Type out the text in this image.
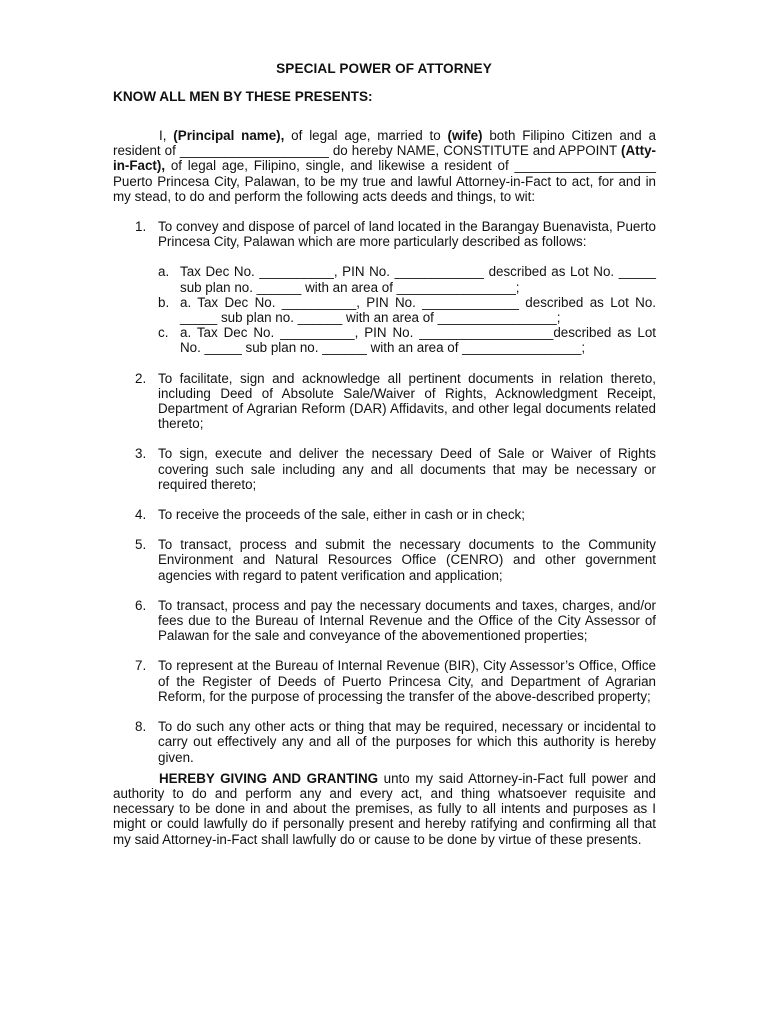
SPECIAL POWER OF ATTORNEY
KNOW ALL MEN BY THESE PRESENTS:

I, (Principal name), of legal age, married to (wife) both Filipino Citizen and a resident of ____________________ do hereby NAME, CONSTITUTE and APPOINT (Atty-in-Fact), of legal age, Filipino, single, and likewise a resident of ___________________ Puerto Princesa City, Palawan, to be my true and lawful Attorney-in-Fact to act, for and in my stead, to do and perform the following acts deeds and things, to wit:

1. To convey and dispose of parcel of land located in the Barangay Buenavista, Puerto Princesa City, Palawan which are more particularly described as follows:
a. Tax Dec No. __________, PIN No. ____________ described as Lot No. _____ sub plan no. ______ with an area of ________________;
b. a. Tax Dec No. __________, PIN No. _____________ described as Lot No. _____ sub plan no. ______ with an area of ________________;
c. a. Tax Dec No. __________, PIN No. __________________described as Lot No. _____ sub plan no. ______ with an area of ________________;
2. To facilitate, sign and acknowledge all pertinent documents in relation thereto, including Deed of Absolute Sale/Waiver of Rights, Acknowledgment Receipt, Department of Agrarian Reform (DAR) Affidavits, and other legal documents related thereto;
3. To sign, execute and deliver the necessary Deed of Sale or Waiver of Rights covering such sale including any and all documents that may be necessary or required thereto;
4. To receive the proceeds of the sale, either in cash or in check;
5. To transact, process and submit the necessary documents to the Community Environment and Natural Resources Office (CENRO) and other government agencies with regard to patent verification and application;
6. To transact, process and pay the necessary documents and taxes, charges, and/or fees due to the Bureau of Internal Revenue and the Office of the City Assessor of Palawan for the sale and conveyance of the abovementioned properties;
7. To represent at the Bureau of Internal Revenue (BIR), City Assessor’s Office, Office of the Register of Deeds of Puerto Princesa City, and Department of Agrarian Reform, for the purpose of processing the transfer of the above-described property;
8. To do such any other acts or thing that may be required, necessary or incidental to carry out effectively any and all of the purposes for which this authority is hereby given.

HEREBY GIVING AND GRANTING unto my said Attorney-in-Fact full power and authority to do and perform any and every act, and thing whatsoever requisite and necessary to be done in and about the premises, as fully to all intents and purposes as I might or could lawfully do if personally present and hereby ratifying and confirming all that my said Attorney-in-Fact shall lawfully do or cause to be done by virtue of these presents.
